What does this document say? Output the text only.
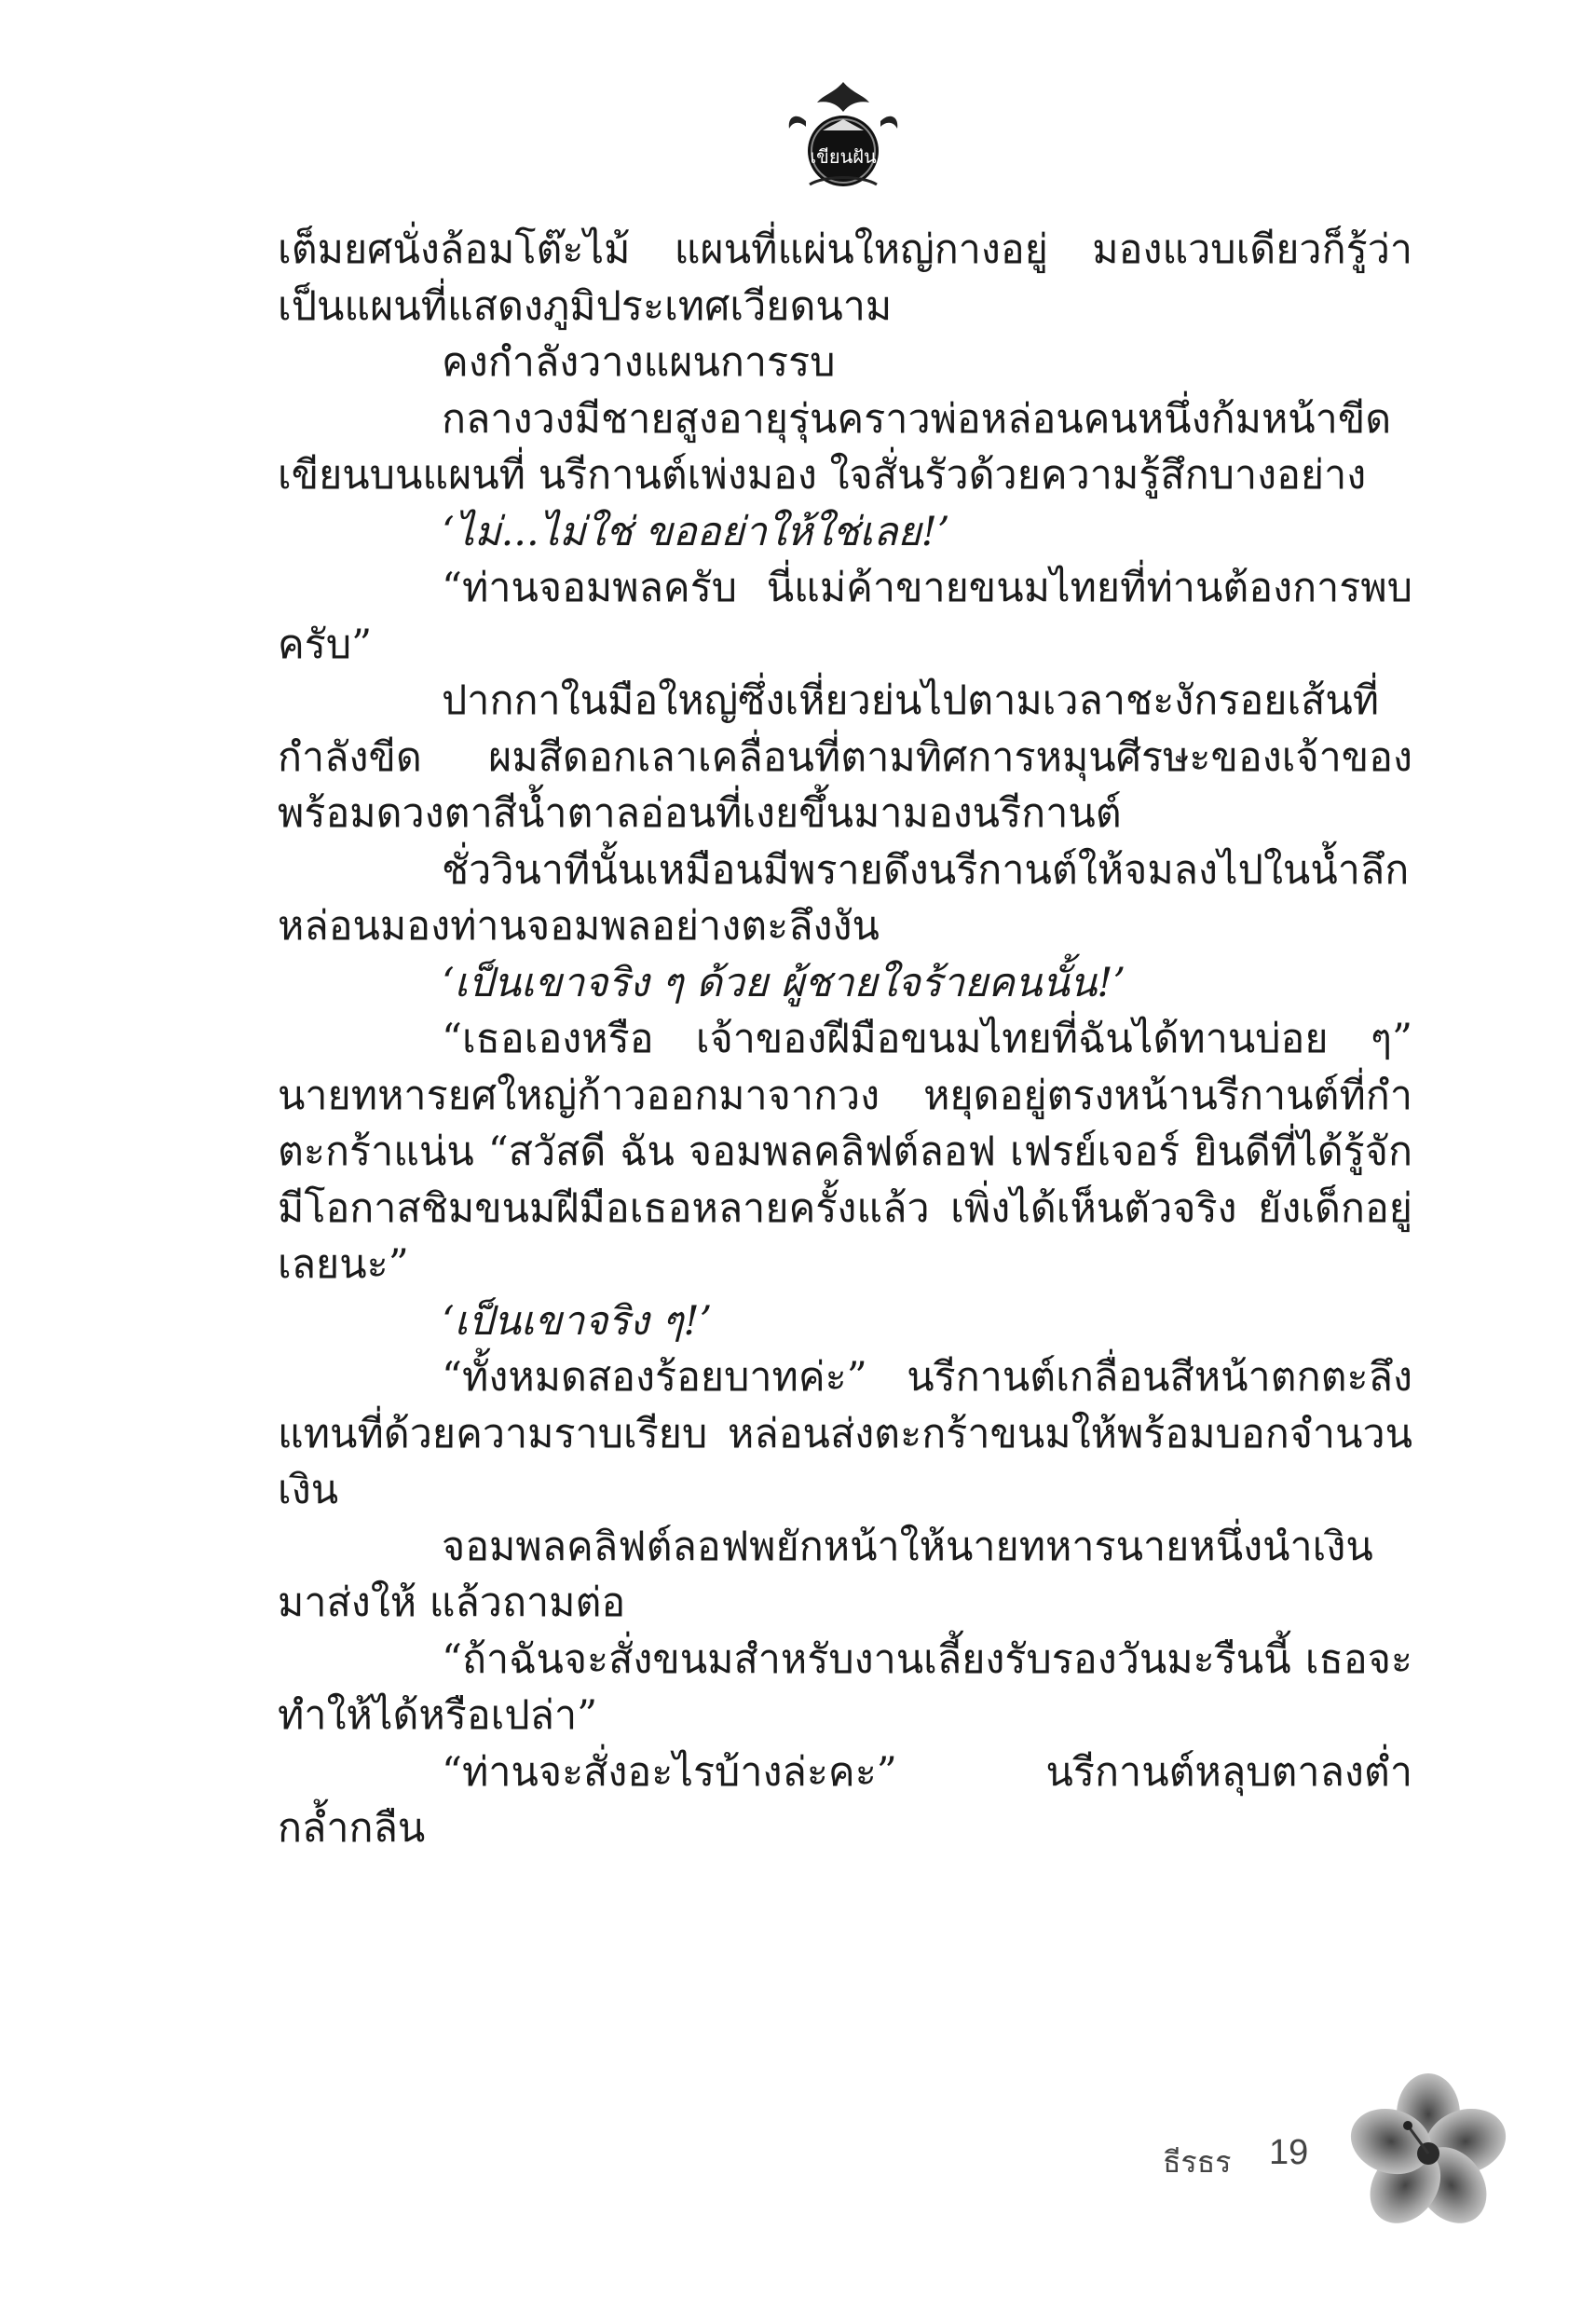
เขียนฝัน

เต็มยศนั่งล้อมโต๊ะไม้ แผนที่แผ่นใหญ่กางอยู่ มองแวบเดียวก็รู้ว่าเป็นแผนที่แสดงภูมิประเทศเวียดนาม

คงกำลังวางแผนการรบ

กลางวงมีชายสูงอายุรุ่นคราวพ่อหล่อนคนหนึ่งก้มหน้าขีดเขียนบนแผนที่ นรีกานต์เพ่งมอง ใจสั่นรัวด้วยความรู้สึกบางอย่าง

‘ไม่...ไม่ใช่ ขออย่าให้ใช่เลย!’

“ท่านจอมพลครับ นี่แม่ค้าขายขนมไทยที่ท่านต้องการพบครับ”

ปากกาในมือใหญ่ซึ่งเหี่ยวย่นไปตามเวลาชะงักรอยเส้นที่กำลังขีด ผมสีดอกเลาเคลื่อนที่ตามทิศการหมุนศีรษะของเจ้าของพร้อมดวงตาสีน้ำตาลอ่อนที่เงยขึ้นมามองนรีกานต์

ชั่ววินาทีนั้นเหมือนมีพรายดึงนรีกานต์ให้จมลงไปในน้ำลึกหล่อนมองท่านจอมพลอย่างตะลึงงัน

‘เป็นเขาจริง ๆ ด้วย ผู้ชายใจร้ายคนนั้น!’

“เธอเองหรือ เจ้าของฝีมือขนมไทยที่ฉันได้ทานบ่อย ๆ” นายทหารยศใหญ่ก้าวออกมาจากวง หยุดอยู่ตรงหน้านรีกานต์ที่กำตะกร้าแน่น “สวัสดี ฉัน จอมพลคลิฟต์ลอฟ เฟรย์เจอร์ ยินดีที่ได้รู้จัก มีโอกาสชิมขนมฝีมือเธอหลายครั้งแล้ว เพิ่งได้เห็นตัวจริง ยังเด็กอยู่เลยนะ”

‘เป็นเขาจริง ๆ!’

“ทั้งหมดสองร้อยบาทค่ะ” นรีกานต์เกลื่อนสีหน้าตกตะลึงแทนที่ด้วยความราบเรียบ หล่อนส่งตะกร้าขนมให้พร้อมบอกจำนวนเงิน

จอมพลคลิฟต์ลอฟพยักหน้าให้นายทหารนายหนึ่งนำเงินมาส่งให้ แล้วถามต่อ

“ถ้าฉันจะสั่งขนมสำหรับงานเลี้ยงรับรองวันมะรืนนี้ เธอจะทำให้ได้หรือเปล่า”

“ท่านจะสั่งอะไรบ้างล่ะคะ” นรีกานต์หลุบตาลงต่ำ กล้ำกลืน

ธีรธร 19
